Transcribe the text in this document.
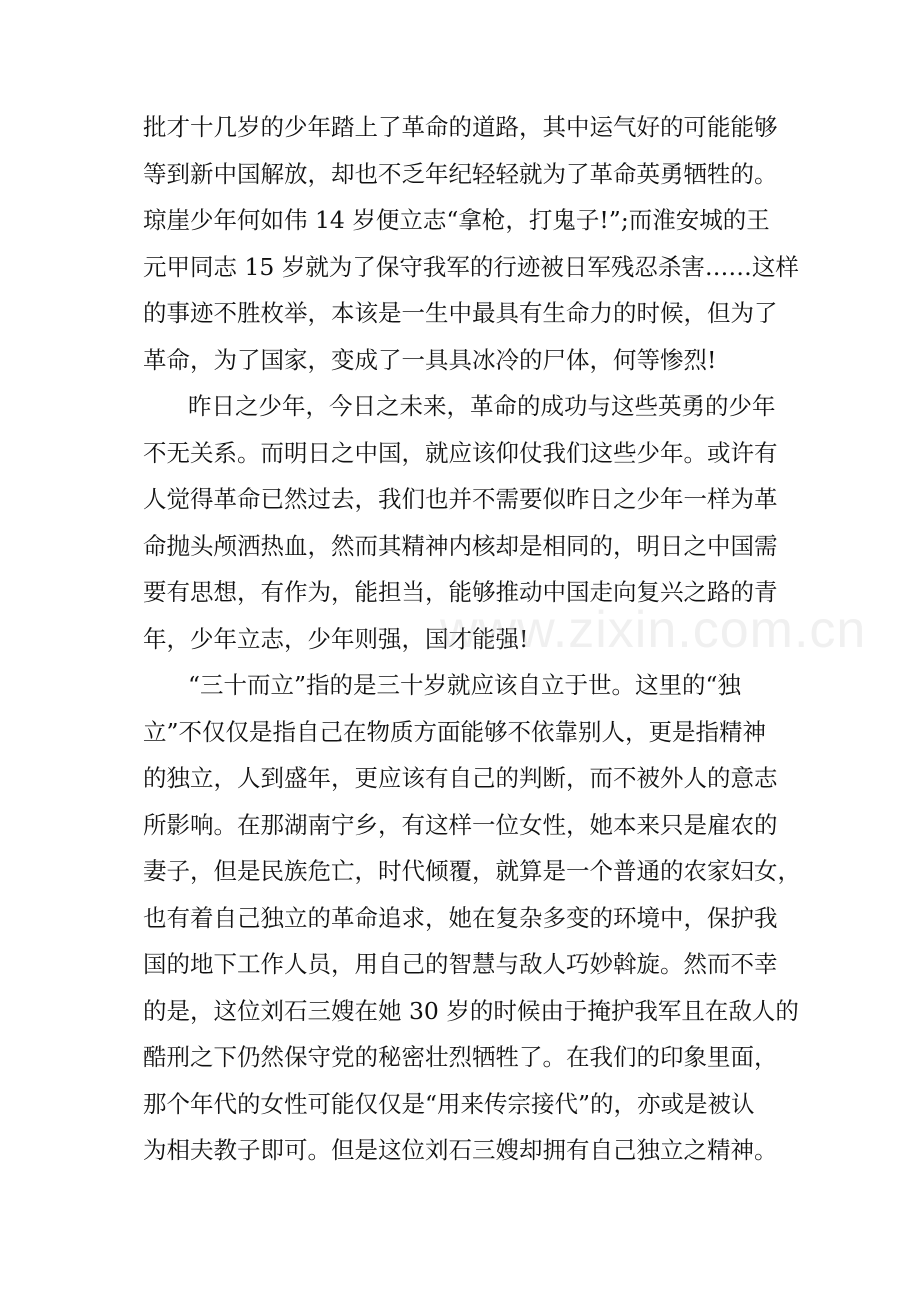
批才十几岁的少年踏上了革命的道路，其中运气好的可能能够
等到新中国解放，却也不乏年纪轻轻就为了革命英勇牺牲的。
琼崖少年何如伟 14 岁便立志“拿枪，打鬼子!”;而淮安城的王
元甲同志 15 岁就为了保守我军的行迹被日军残忍杀害……这样
的事迹不胜枚举，本该是一生中最具有生命力的时候，但为了
革命，为了国家，变成了一具具冰冷的尸体，何等惨烈!
昨日之少年，今日之未来，革命的成功与这些英勇的少年
不无关系。而明日之中国，就应该仰仗我们这些少年。或许有
人觉得革命已然过去，我们也并不需要似昨日之少年一样为革
命抛头颅洒热血，然而其精神内核却是相同的，明日之中国需
要有思想，有作为，能担当，能够推动中国走向复兴之路的青
年，少年立志，少年则强，国才能强!
“三十而立”指的是三十岁就应该自立于世。这里的“独
立”不仅仅是指自己在物质方面能够不依靠别人，更是指精神
的独立，人到盛年，更应该有自己的判断，而不被外人的意志
所影响。在那湖南宁乡，有这样一位女性，她本来只是雇农的
妻子，但是民族危亡，时代倾覆，就算是一个普通的农家妇女，
也有着自己独立的革命追求，她在复杂多变的环境中，保护我
国的地下工作人员，用自己的智慧与敌人巧妙斡旋。然而不幸
的是，这位刘石三嫂在她 30 岁的时候由于掩护我军且在敌人的
酷刑之下仍然保守党的秘密壮烈牺牲了。在我们的印象里面，
那个年代的女性可能仅仅是“用来传宗接代”的，亦或是被认
为相夫教子即可。但是这位刘石三嫂却拥有自己独立之精神。
www.zixin.com.cn
